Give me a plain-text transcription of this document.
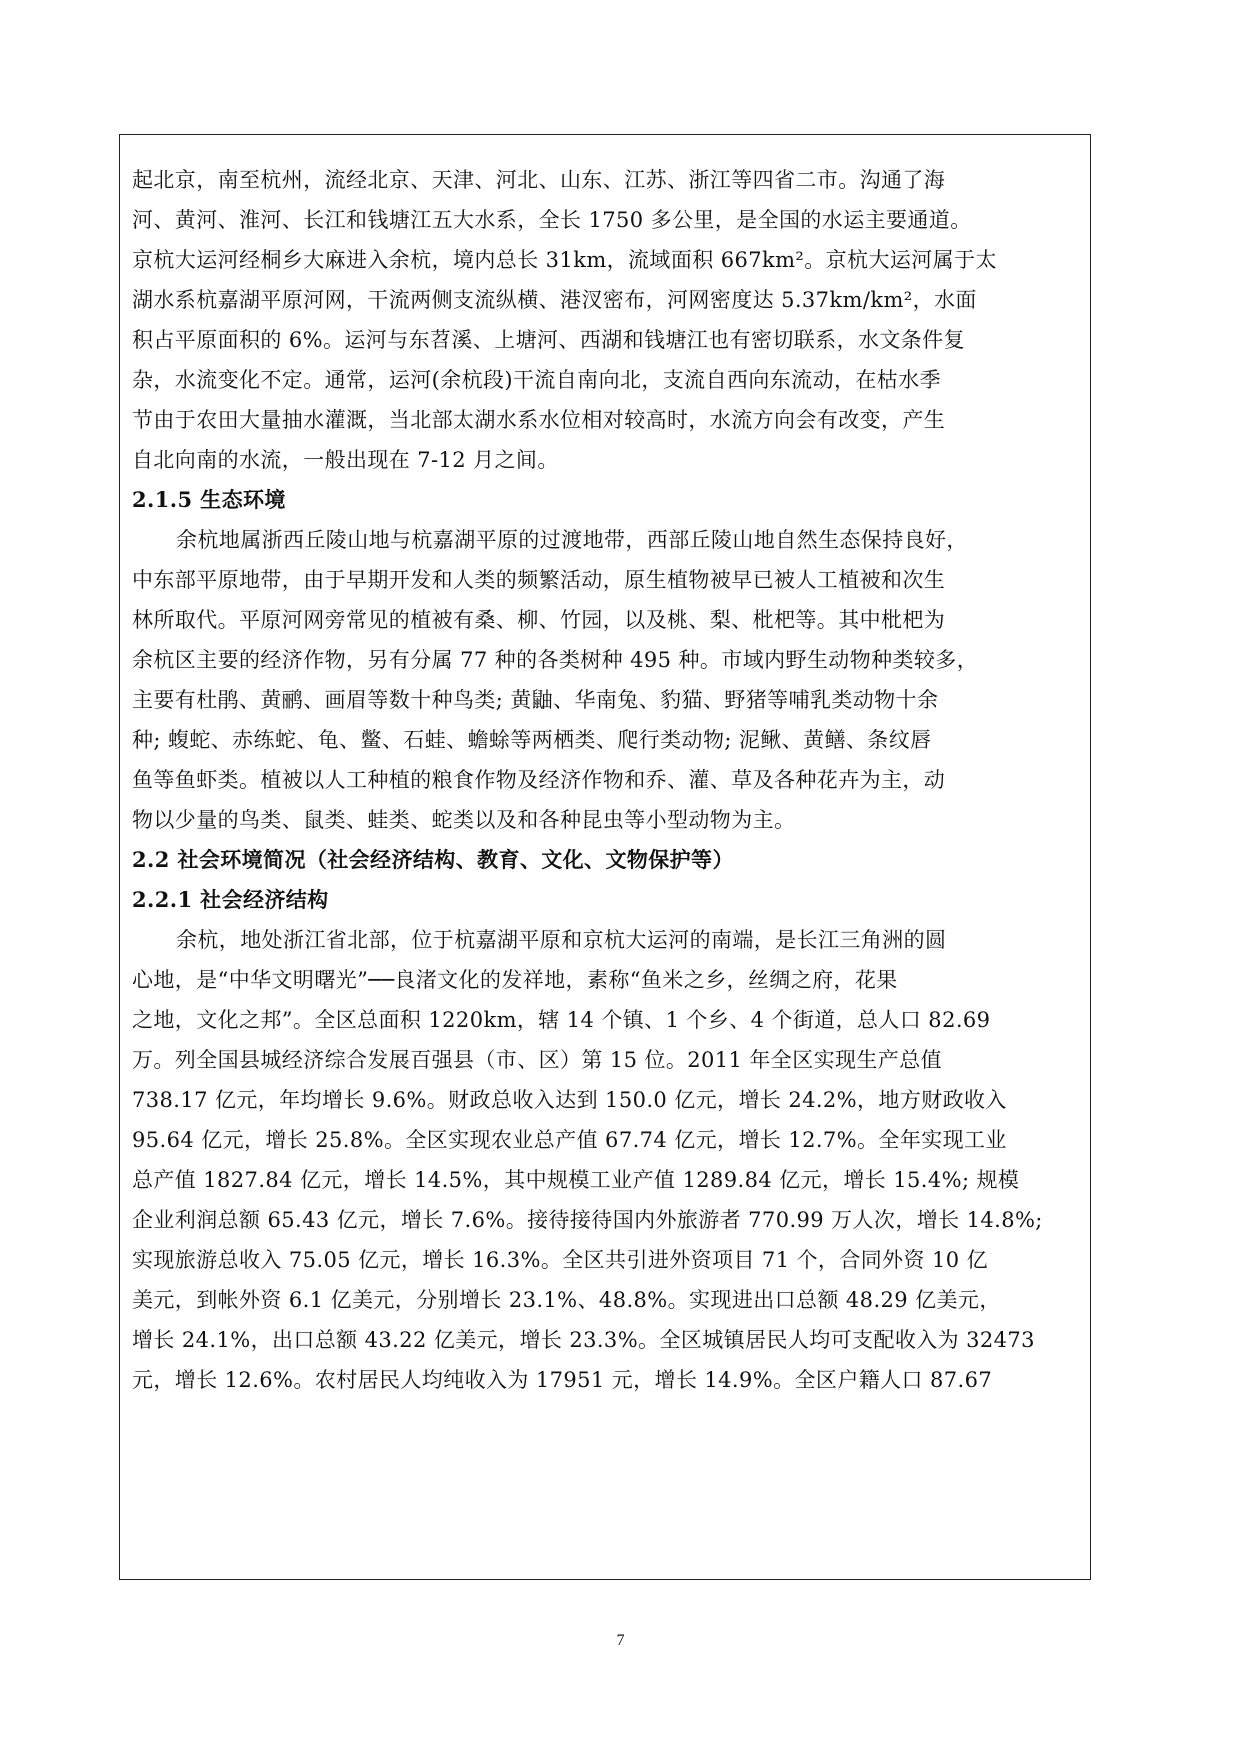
起北京，南至杭州，流经北京、天津、河北、山东、江苏、浙江等四省二市。沟通了海
河、黄河、淮河、长江和钱塘江五大水系，全长 1750 多公里，是全国的水运主要通道。
京杭大运河经桐乡大麻进入余杭，境内总长 31km，流域面积 667km²。京杭大运河属于太
湖水系杭嘉湖平原河网，干流两侧支流纵横、港汊密布，河网密度达 5.37km/km²，水面
积占平原面积的 6%。运河与东苕溪、上塘河、西湖和钱塘江也有密切联系，水文条件复
杂，水流变化不定。通常，运河(余杭段)干流自南向北，支流自西向东流动，在枯水季
节由于农田大量抽水灌溉，当北部太湖水系水位相对较高时，水流方向会有改变，产生
自北向南的水流，一般出现在 7-12 月之间。
2.1.5 生态环境
余杭地属浙西丘陵山地与杭嘉湖平原的过渡地带，西部丘陵山地自然生态保持良好，
中东部平原地带，由于早期开发和人类的频繁活动，原生植物被早已被人工植被和次生
林所取代。平原河网旁常见的植被有桑、柳、竹园，以及桃、梨、枇杷等。其中枇杷为
余杭区主要的经济作物，另有分属 77 种的各类树种 495 种。市域内野生动物种类较多，
主要有杜鹃、黄鹂、画眉等数十种鸟类; 黄鼬、华南兔、豹猫、野猪等哺乳类动物十余
种; 蝮蛇、赤练蛇、龟、鳖、石蛙、蟾蜍等两栖类、爬行类动物; 泥鳅、黄鳝、条纹唇
鱼等鱼虾类。植被以人工种植的粮食作物及经济作物和乔、灌、草及各种花卉为主，动
物以少量的鸟类、鼠类、蛙类、蛇类以及和各种昆虫等小型动物为主。
2.2 社会环境简况（社会经济结构、教育、文化、文物保护等）
2.2.1 社会经济结构
余杭，地处浙江省北部，位于杭嘉湖平原和京杭大运河的南端，是长江三角洲的圆
心地，是“中华文明曙光”──良渚文化的发祥地，素称“鱼米之乡，丝绸之府，花果
之地，文化之邦”。全区总面积 1220km，辖 14 个镇、1 个乡、4 个街道，总人口 82.69
万。列全国县城经济综合发展百强县（市、区）第 15 位。2011 年全区实现生产总值
738.17 亿元，年均增长 9.6%。财政总收入达到 150.0 亿元，增长 24.2%，地方财政收入
95.64 亿元，增长 25.8%。全区实现农业总产值 67.74 亿元，增长 12.7%。全年实现工业
总产值 1827.84 亿元，增长 14.5%，其中规模工业产值 1289.84 亿元，增长 15.4%; 规模
企业利润总额 65.43 亿元，增长 7.6%。接待接待国内外旅游者 770.99 万人次，增长 14.8%;
实现旅游总收入 75.05 亿元，增长 16.3%。全区共引进外资项目 71 个，合同外资 10 亿
美元，到帐外资 6.1 亿美元，分别增长 23.1%、48.8%。实现进出口总额 48.29 亿美元，
增长 24.1%，出口总额 43.22 亿美元，增长 23.3%。全区城镇居民人均可支配收入为 32473
元，增长 12.6%。农村居民人均纯收入为 17951 元，增长 14.9%。全区户籍人口 87.67
7
